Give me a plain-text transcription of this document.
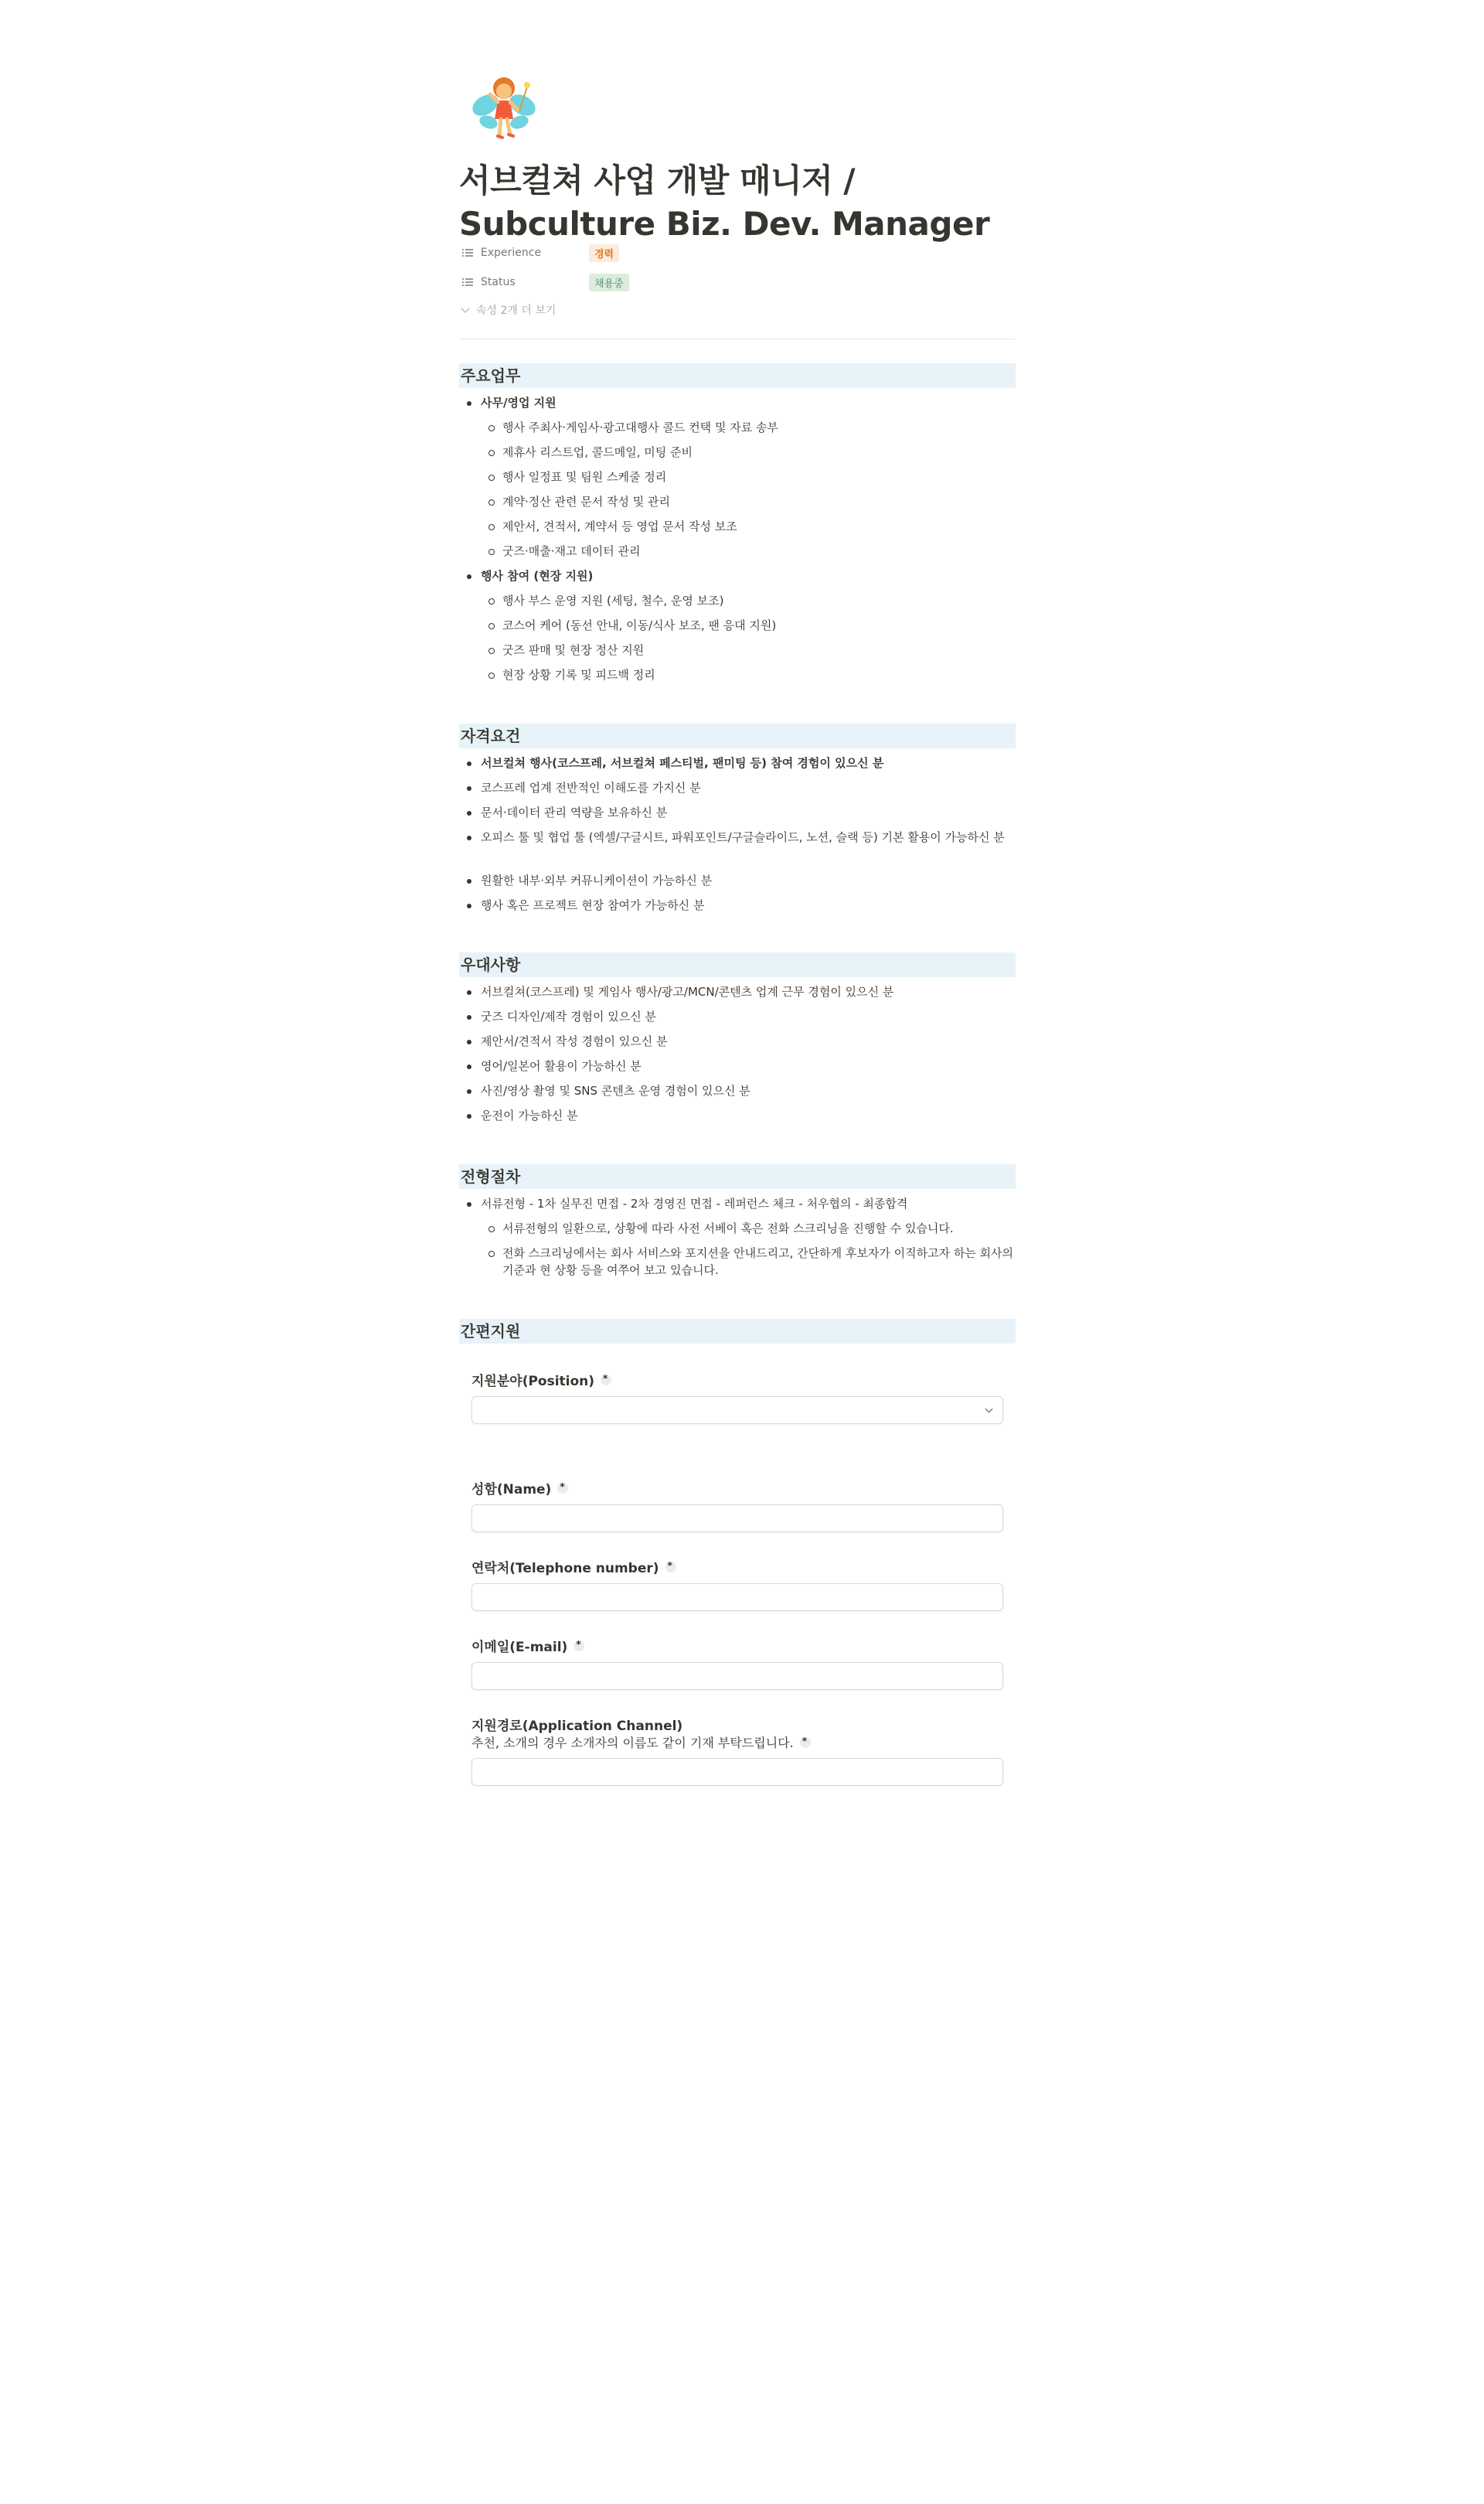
서브컬쳐 사업 개발 매니저 /
Subculture Biz. Dev. Manager
Experience	경력
Status	채용중
속성 2개 더 보기
주요업무
사무/영업 지원
행사 주최사·게임사·광고대행사 콜드 컨택 및 자료 송부
제휴사 리스트업, 콜드메일, 미팅 준비
행사 일정표 및 팀원 스케줄 정리
계약·정산 관련 문서 작성 및 관리
제안서, 견적서, 계약서 등 영업 문서 작성 보조
굿즈·매출·재고 데이터 관리
행사 참여 (현장 지원)
행사 부스 운영 지원 (세팅, 철수, 운영 보조)
코스어 케어 (동선 안내, 이동/식사 보조, 팬 응대 지원)
굿즈 판매 및 현장 정산 지원
현장 상황 기록 및 피드백 정리
자격요건
서브컬쳐 행사(코스프레, 서브컬쳐 페스티벌, 팬미팅 등) 참여 경험이 있으신 분
코스프레 업계 전반적인 이해도를 가지신 분
문서·데이터 관리 역량을 보유하신 분
오피스 툴 및 협업 툴 (엑셀/구글시트, 파워포인트/구글슬라이드, 노션, 슬랙 등) 기본 활용이 가능하신 분
원활한 내부·외부 커뮤니케이션이 가능하신 분
행사 혹은 프로젝트 현장 참여가 가능하신 분
우대사항
서브컬쳐(코스프레) 및 게임사 행사/광고/MCN/콘텐츠 업계 근무 경험이 있으신 분
굿즈 디자인/제작 경험이 있으신 분
제안서/견적서 작성 경험이 있으신 분
영어/일본어 활용이 가능하신 분
사진/영상 촬영 및 SNS 콘텐츠 운영 경험이 있으신 분
운전이 가능하신 분
전형절차
서류전형 - 1차 실무진 면접 - 2차 경영진 면접 - 레퍼런스 체크 - 처우협의 - 최종합격
서류전형의 일환으로, 상황에 따라 사전 서베이 혹은 전화 스크리닝을 진행할 수 있습니다.
전화 스크리닝에서는 회사 서비스와 포지션을 안내드리고, 간단하게 후보자가 이직하고자 하는 회사의 기준과 현 상황 등을 여쭈어 보고 있습니다.
간편지원
지원분야(Position)
*
성함(Name)
*
연락처(Telephone number)
*
이메일(E-mail)
*
지원경로(Application Channel)
추천, 소개의 경우 소개자의 이름도 같이 기재 부탁드립니다.
*
